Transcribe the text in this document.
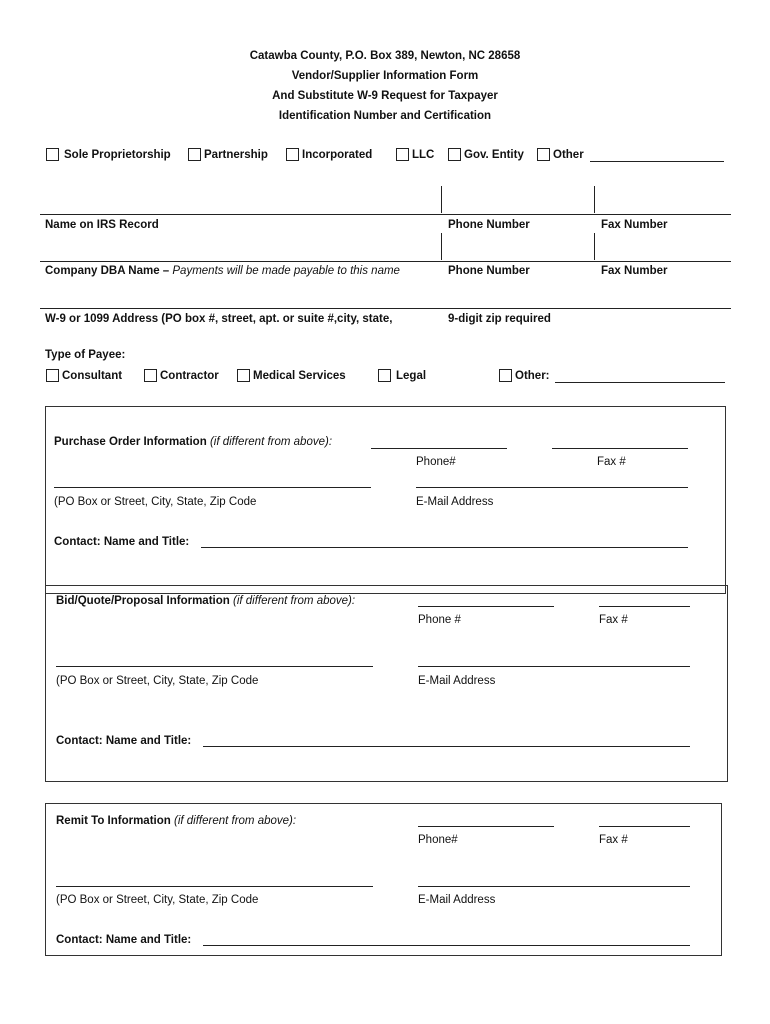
Catawba County, P.O. Box 389, Newton, NC 28658
Vendor/Supplier Information Form
And Substitute W-9 Request for Taxpayer
Identification Number and Certification
Sole Proprietorship	Partnership	Incorporated	LLC	Gov. Entity	Other
Name on IRS Record	Phone Number	Fax Number
Company DBA Name – Payments will be made payable to this name	Phone Number	Fax Number
W-9 or 1099 Address (PO box #, street, apt. or suite #,city, state,	9-digit zip required
Type of Payee:
Consultant	Contractor	Medical Services	Legal	Other:
Purchase Order Information (if different from above):
Phone#	Fax #
(PO Box or Street, City, State, Zip Code	E-Mail Address
Contact: Name and Title:
Bid/Quote/Proposal Information (if different from above):
Phone #	Fax #
(PO Box or Street, City, State, Zip Code	E-Mail Address
Contact: Name and Title:
Remit To Information (if different from above):
Phone#	Fax #
(PO Box or Street, City, State, Zip Code	E-Mail Address
Contact: Name and Title:
